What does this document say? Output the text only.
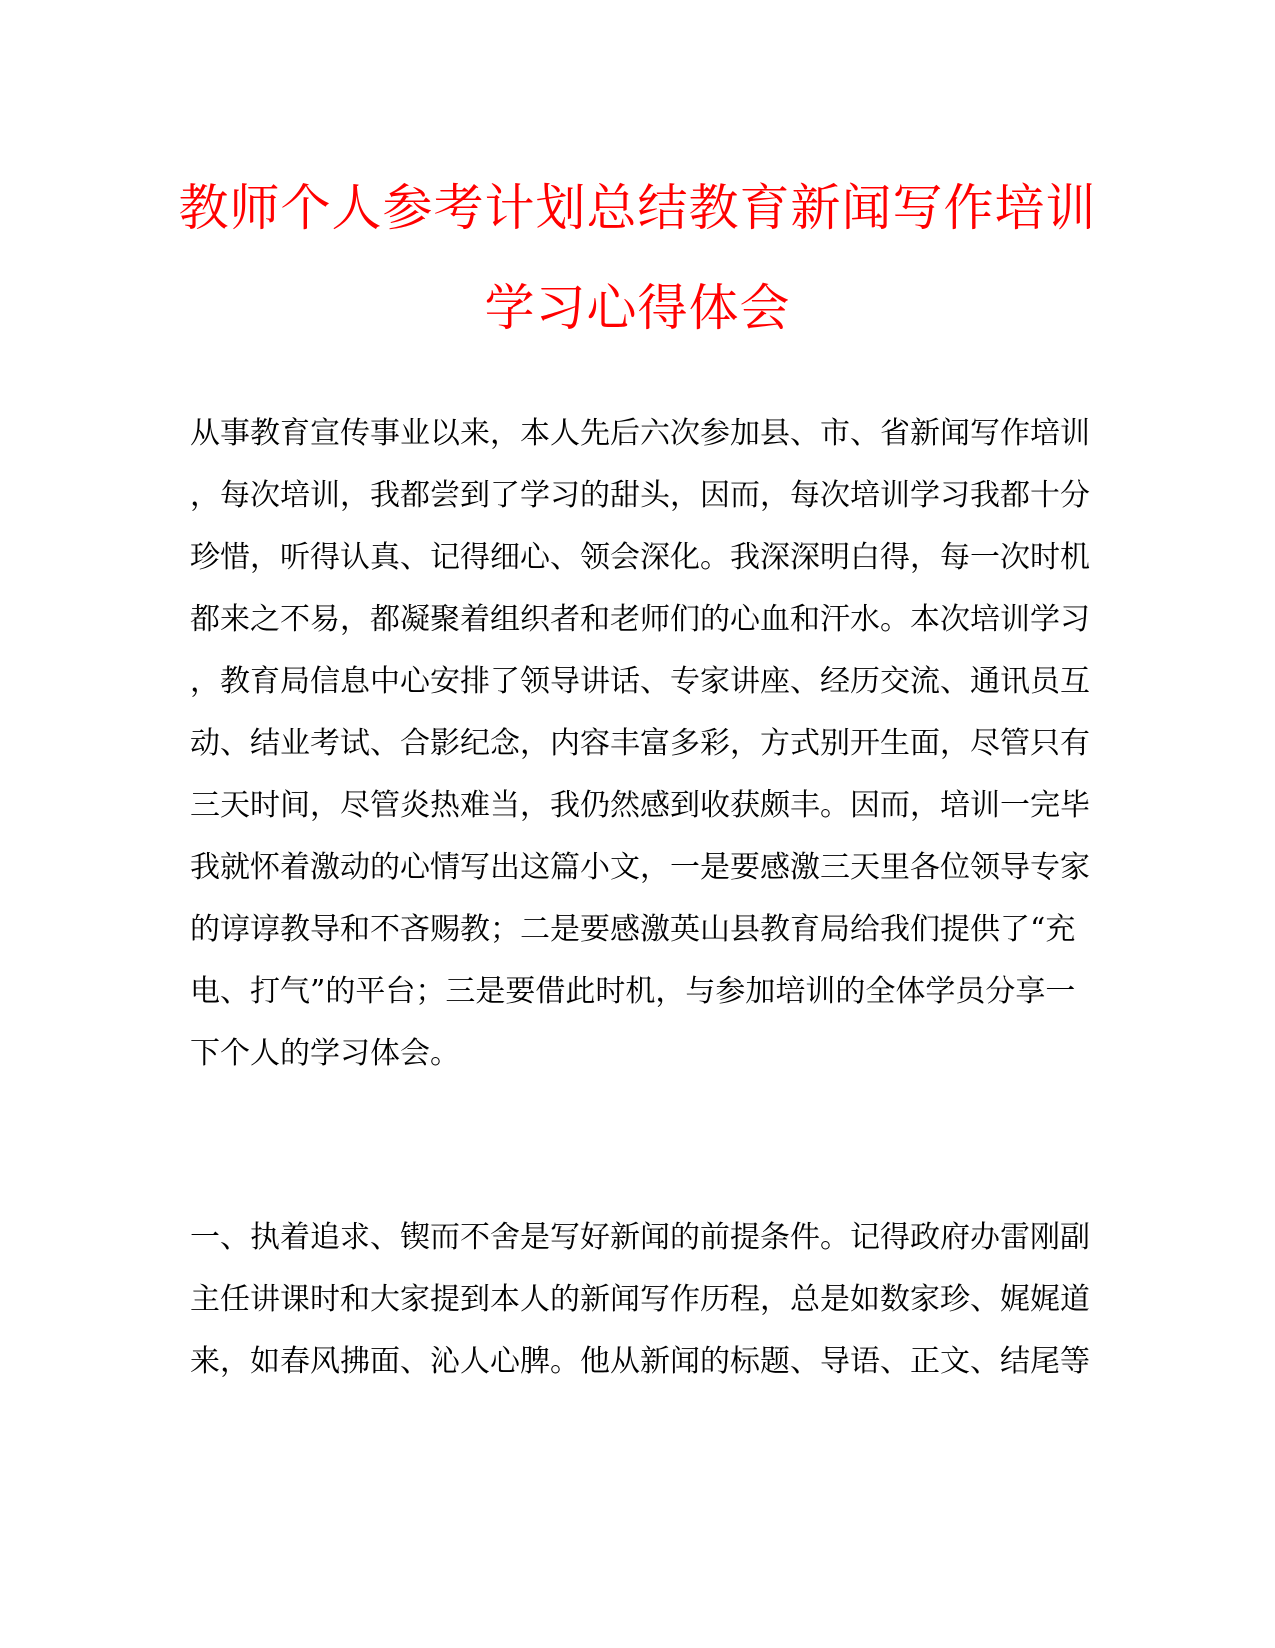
教师个人参考计划总结教育新闻写作培训
学习心得体会
从事教育宣传事业以来，本人先后六次参加县、市、省新闻写作培训
，每次培训，我都尝到了学习的甜头，因而，每次培训学习我都十分
珍惜，听得认真、记得细心、领会深化。我深深明白得，每一次时机
都来之不易，都凝聚着组织者和老师们的心血和汗水。本次培训学习
，教育局信息中心安排了领导讲话、专家讲座、经历交流、通讯员互
动、结业考试、合影纪念，内容丰富多彩，方式别开生面，尽管只有
三天时间，尽管炎热难当，我仍然感到收获颇丰。因而，培训一完毕
我就怀着激动的心情写出这篇小文，一是要感激三天里各位领导专家
的谆谆教导和不吝赐教；二是要感激英山县教育局给我们提供了“充
电、打气”的平台；三是要借此时机，与参加培训的全体学员分享一
下个人的学习体会。
一、执着追求、锲而不舍是写好新闻的前提条件。记得政府办雷刚副
主任讲课时和大家提到本人的新闻写作历程，总是如数家珍、娓娓道
来，如春风拂面、沁人心脾。他从新闻的标题、导语、正文、结尾等
